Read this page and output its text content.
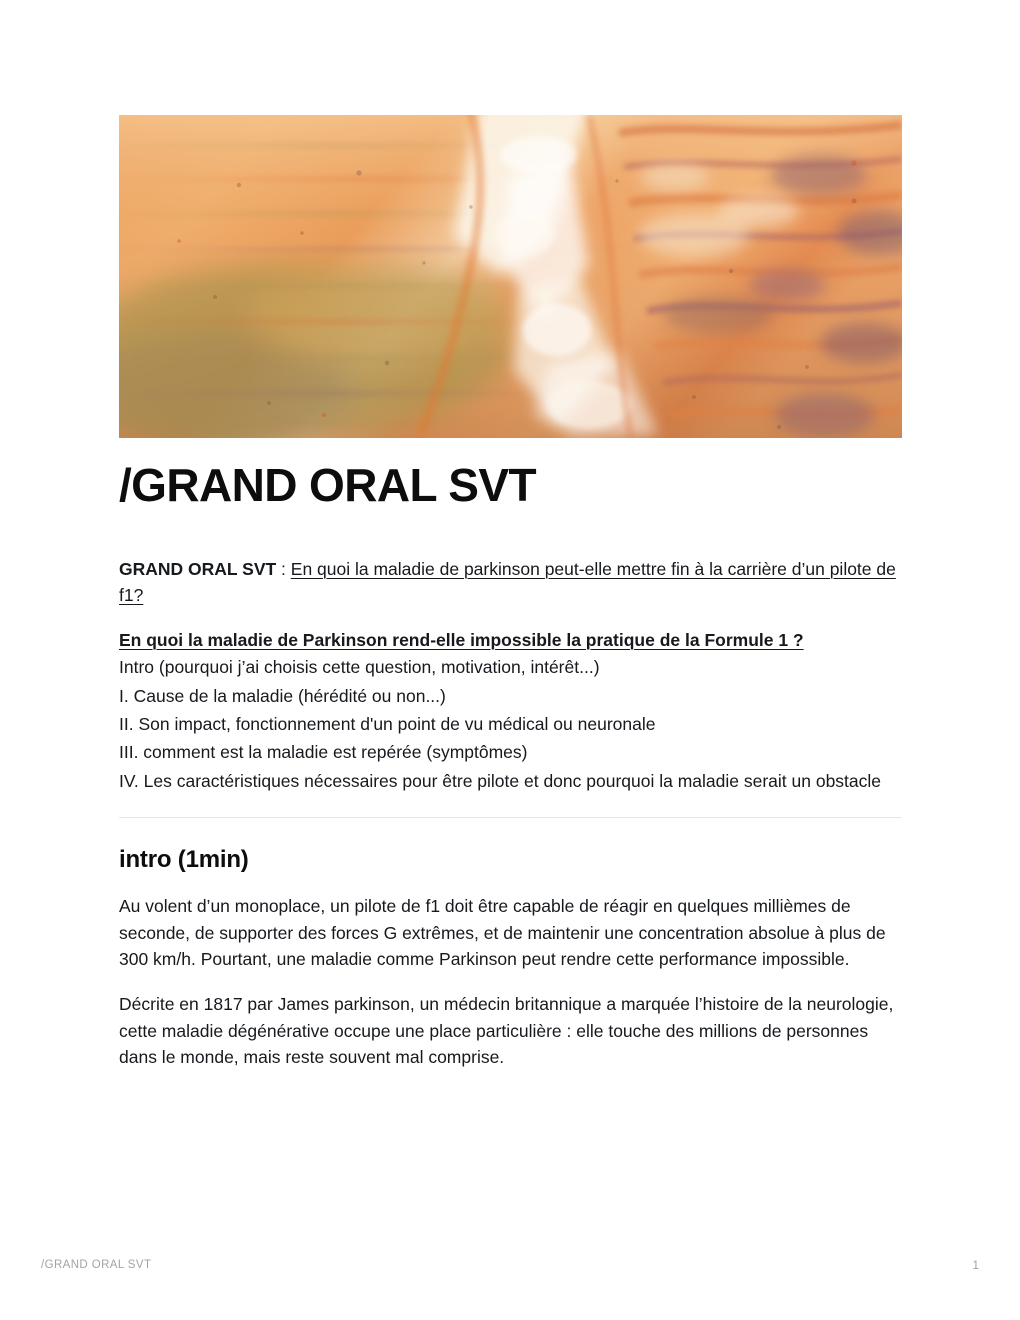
/GRAND ORAL SVT

GRAND ORAL SVT : En quoi la maladie de parkinson peut-elle mettre fin à la carrière d’un pilote de f1?

En quoi la maladie de Parkinson rend-elle impossible la pratique de la Formule 1 ?

Intro (pourquoi j’ai choisis cette question, motivation, intérêt...)
I. Cause de la maladie (hérédité ou non...)
II. Son impact, fonctionnement d'un point de vu médical ou neuronale
III. comment est la maladie est repérée (symptômes)
IV. Les caractéristiques nécessaires pour être pilote et donc pourquoi la maladie serait un obstacle

intro (1min)

Au volent d’un monoplace, un pilote de f1 doit être capable de réagir en quelques millièmes de seconde, de supporter des forces G extrêmes, et de maintenir une concentration absolue à plus de 300 km/h. Pourtant, une maladie comme Parkinson peut rendre cette performance impossible.

Décrite en 1817 par James parkinson, un médecin britannique a marquée l’histoire de la neurologie, cette maladie dégénérative occupe une place particulière : elle touche des millions de personnes dans le monde, mais reste souvent mal comprise.

/GRAND ORAL SVT	1
